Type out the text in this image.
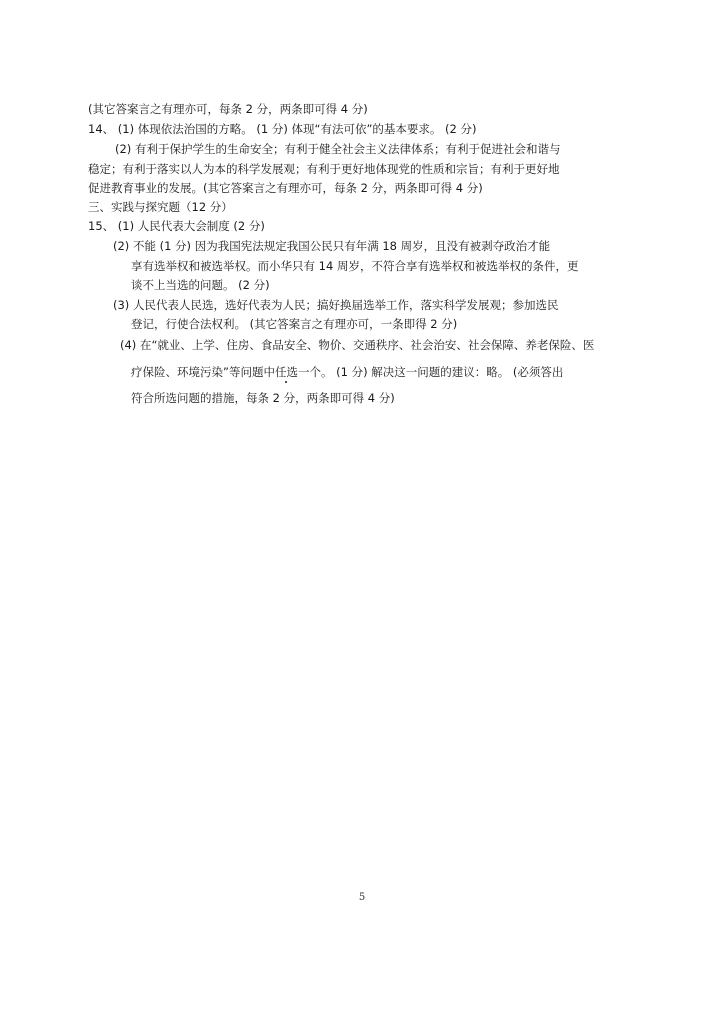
(其它答案言之有理亦可，每条 2 分，两条即可得 4 分)
14、 (1) 体现依法治国的方略。 (1 分) 体现“有法可依”的基本要求。 (2 分)
(2) 有利于保护学生的生命安全；有利于健全社会主义法律体系；有利于促进社会和谐与
稳定；有利于落实以人为本的科学发展观；有利于更好地体现党的性质和宗旨；有利于更好地
促进教育事业的发展。(其它答案言之有理亦可，每条 2 分，两条即可得 4 分)
三、实践与探究题（12 分）
15、 (1) 人民代表大会制度 (2 分)
(2) 不能 (1 分) 因为我国宪法规定我国公民只有年满 18 周岁，且没有被剥夺政治才能
享有选举权和被选举权。而小华只有 14 周岁，不符合享有选举权和被选举权的条件，更
谈不上当选的问题。 (2 分)
(3) 人民代表人民选，选好代表为人民；搞好换届选举工作，落实科学发展观；参加选民
登记，行使合法权利。 (其它答案言之有理亦可，一条即得 2 分)
(4) 在“就业、上学、住房、食品安全、物价、交通秩序、社会治安、社会保障、养老保险、医
疗保险、环境污染”等问题中任选一个。 (1 分) 解决这一问题的建议：略。 (必须答出
符合所选问题的措施，每条 2 分，两条即可得 4 分)
5
